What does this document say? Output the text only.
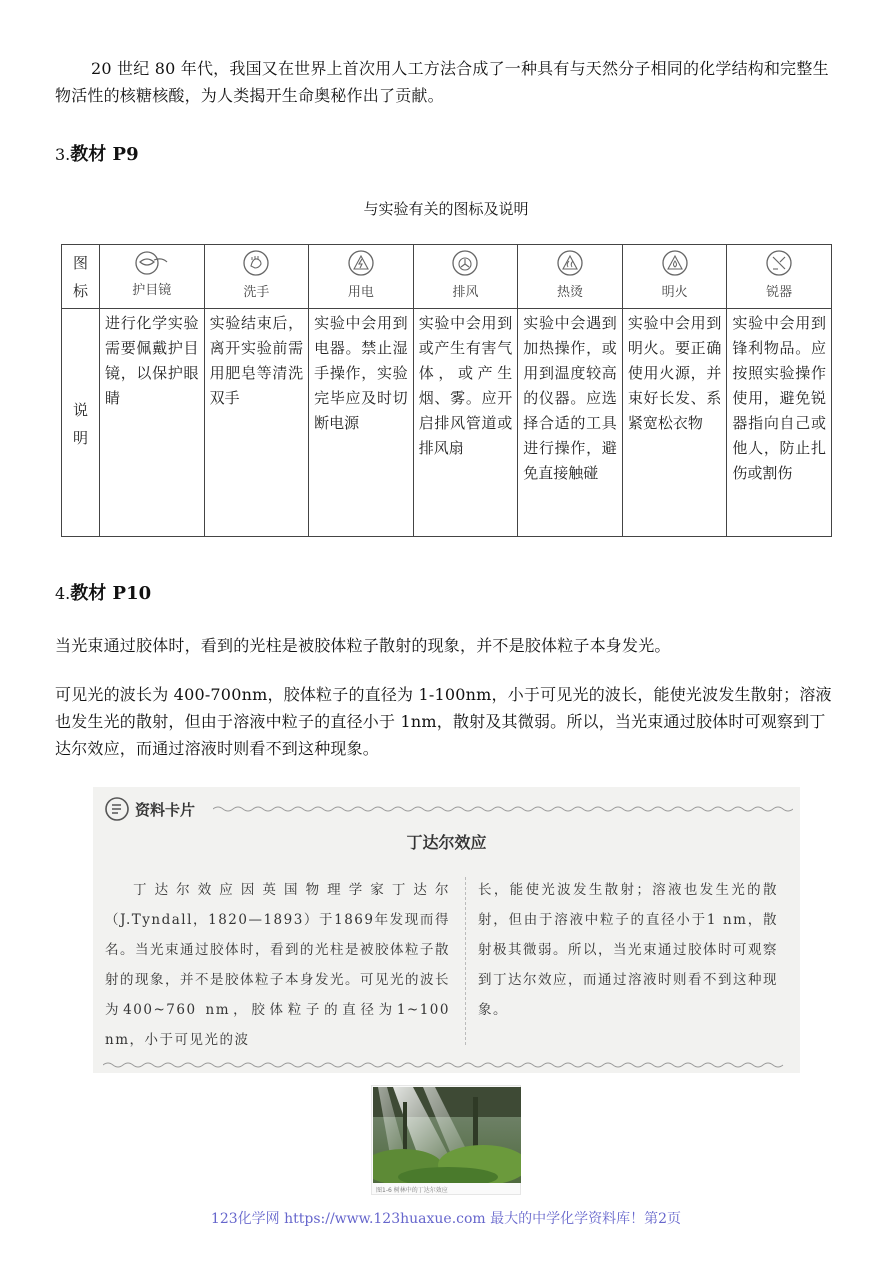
20 世纪 80 年代，我国又在世界上首次用人工方法合成了一种具有与天然分子相同的化学结构和完整生物活性的核糖核酸，为人类揭开生命奥秘作出了贡献。

3.教材 P9
与实验有关的图标及说明
图标	护目镜	洗手	用电	排风	热烫	明火	锐器

说明	进行化学实验需要佩戴护目镜，以保护眼睛	实验结束后，离开实验前需用肥皂等清洗双手	实验中会用到电器。禁止湿手操作，实验完毕应及时切断电源	实验中会用到或产生有害气体，或产生烟、雾。应开启排风管道或排风扇	实验中会遇到加热操作，或用到温度较高的仪器。应选择合适的工具进行操作，避免直接触碰	实验中会用到明火。要正确使用火源，并束好长发、系紧宽松衣物	实验中会用到锋利物品。应按照实验操作使用，避免锐器指向自己或他人，防止扎伤或割伤
4.教材 P10

当光束通过胶体时，看到的光柱是被胶体粒子散射的现象，并不是胶体粒子本身发光。

可见光的波长为 400-700nm，胶体粒子的直径为 1-100nm，小于可见光的波长，能使光波发生散射；溶液也发生光的散射，但由于溶液中粒子的直径小于 1nm，散射及其微弱。所以，当光束通过胶体时可观察到丁达尔效应，而通过溶液时则看不到这种现象。

资料卡片
丁达尔效应
丁达尔效应因英国物理学家丁达尔（J.Tyndall，1820—1893）于1869年发现而得名。当光束通过胶体时，看到的光柱是被胶体粒子散射的现象，并不是胶体粒子本身发光。可见光的波长为400~760 nm，胶体粒子的直径为1~100 nm，小于可见光的波
长，能使光波发生散射；溶液也发生光的散射，但由于溶液中粒子的直径小于1 nm，散射极其微弱。所以，当光束通过胶体时可观察到丁达尔效应，而通过溶液时则看不到这种现象。
图1-6 树林中的丁达尔效应
123化学网 https://www.123huaxue.com 最大的中学化学资料库！第2页
